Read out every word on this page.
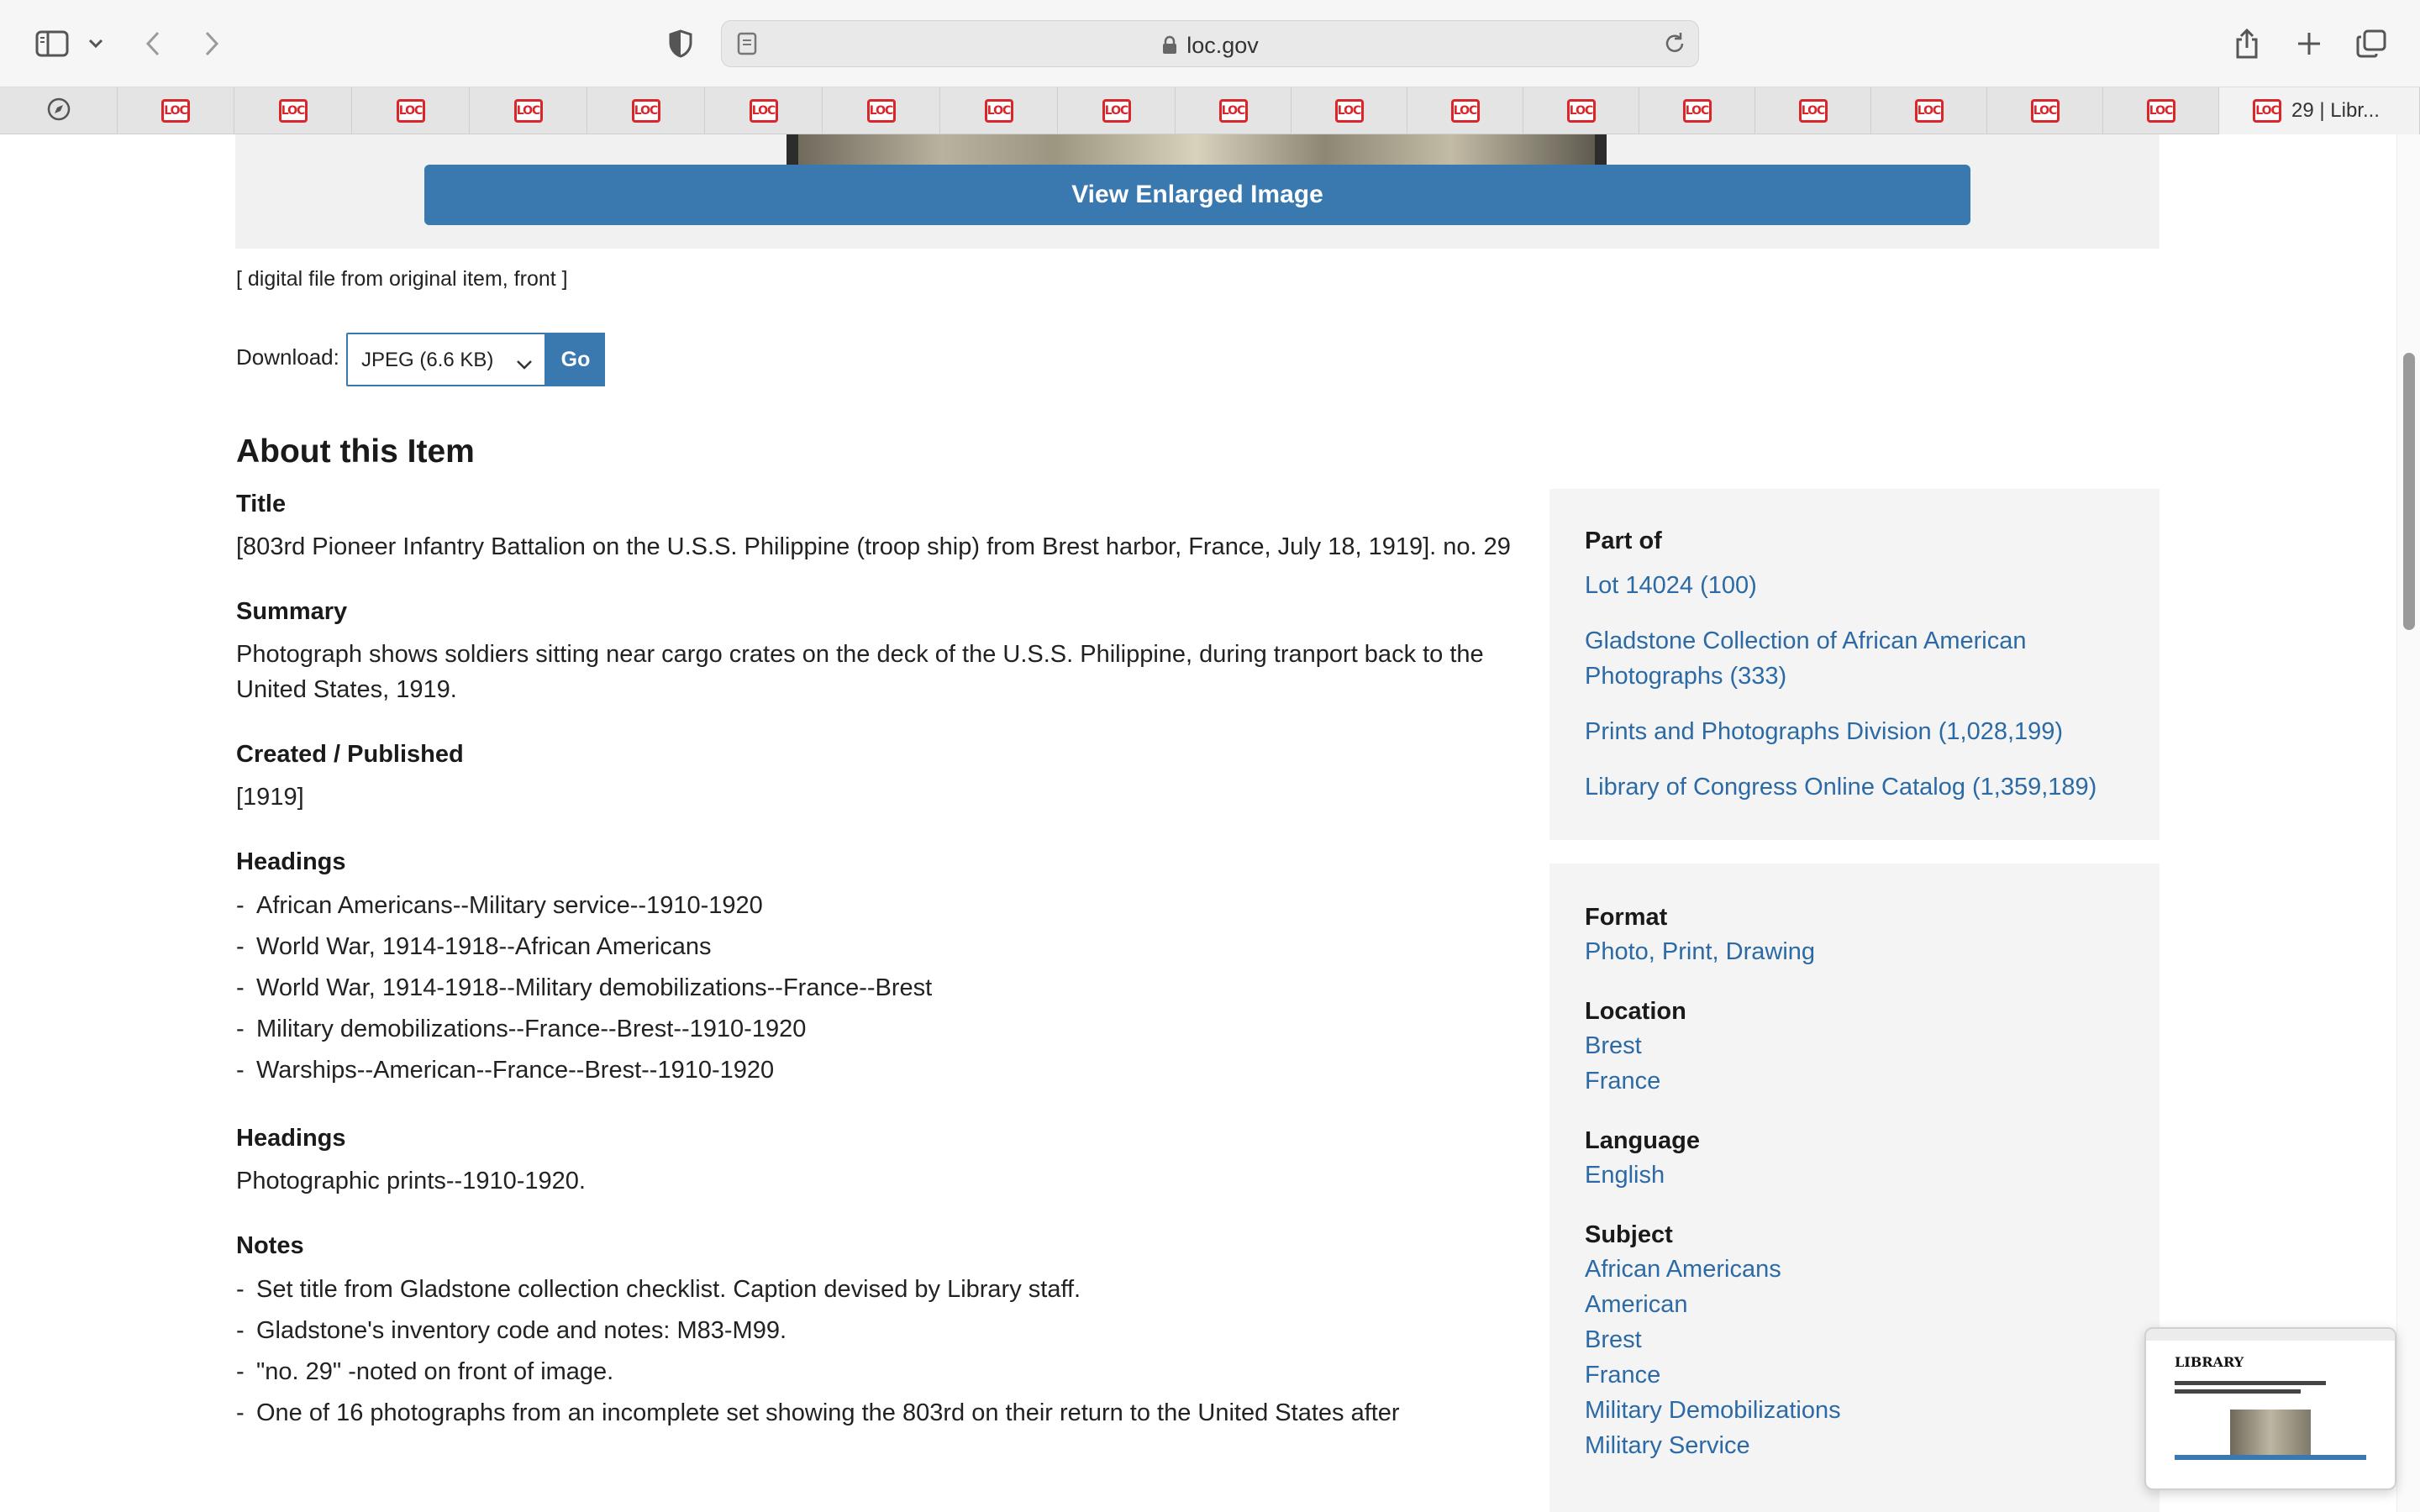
loc.gov
LOC	LOC	LOC	LOC	LOC	LOC	LOC	LOC	LOC	LOC	LOC	LOC	LOC	LOC	LOC	LOC	LOC	LOC	LOC 29 | Libr...
View Enlarged Image
[ digital file from original item, front ]
Download:	JPEG (6.6 KB)	Go
About this Item
Title
[803rd Pioneer Infantry Battalion on the U.S.S. Philippine (troop ship) from Brest harbor, France, July 18, 1919]. no. 29
Summary
Photograph shows soldiers sitting near cargo crates on the deck of the U.S.S. Philippine, during tranport back to the United States, 1919.
Created / Published
[1919]
Headings
- African Americans--Military service--1910-1920
- World War, 1914-1918--African Americans
- World War, 1914-1918--Military demobilizations--France--Brest
- Military demobilizations--France--Brest--1910-1920
- Warships--American--France--Brest--1910-1920
Headings
Photographic prints--1910-1920.
Notes
- Set title from Gladstone collection checklist. Caption devised by Library staff.
- Gladstone's inventory code and notes: M83-M99.
- "no. 29" -noted on front of image.
- One of 16 photographs from an incomplete set showing the 803rd on their return to the United States after
Part of
Lot 14024 (100)
Gladstone Collection of African American Photographs (333)
Prints and Photographs Division (1,028,199)
Library of Congress Online Catalog (1,359,189)
Format
Photo, Print, Drawing
Location
Brest
France
Language
English
Subject
African Americans
American
Brest
France
Military Demobilizations
Military Service
LIBRARY
